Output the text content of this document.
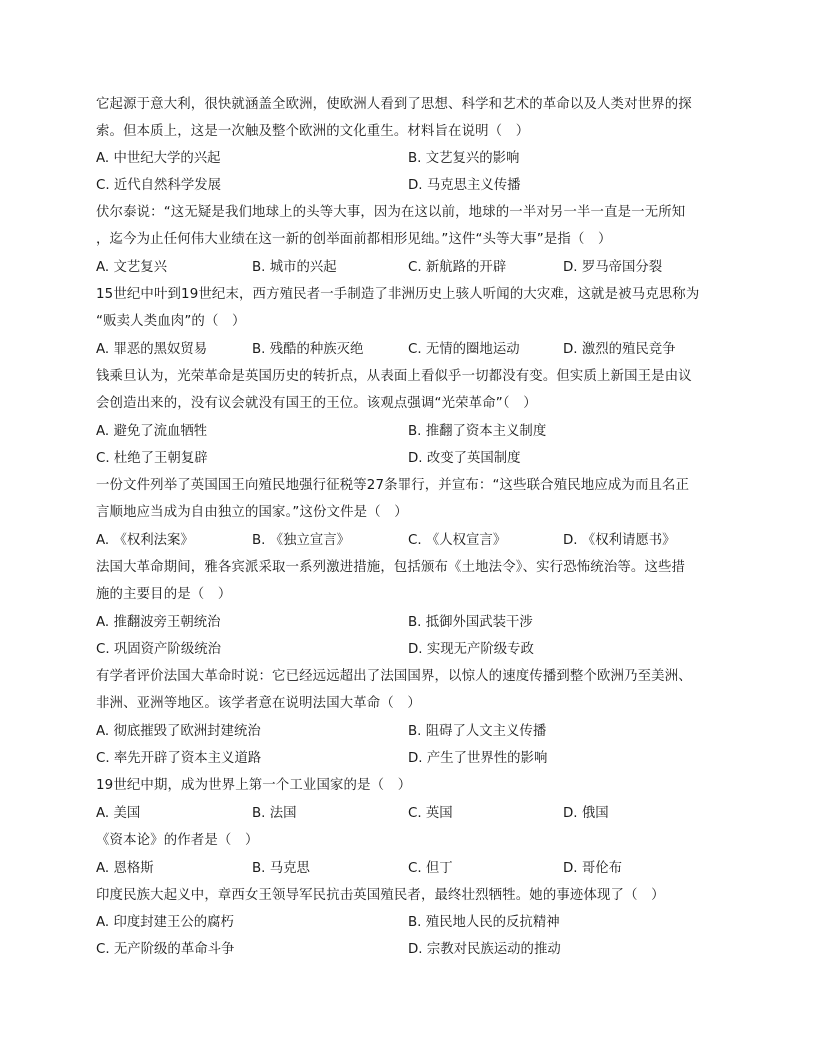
它起源于意大利，很快就涵盖全欧洲，使欧洲人看到了思想、科学和艺术的革命以及人类对世界的探
索。但本质上，这是一次触及整个欧洲的文化重生。材料旨在说明（　）
A. 中世纪大学的兴起	B. 文艺复兴的影响
C. 近代自然科学发展	D. 马克思主义传播
伏尔泰说：“这无疑是我们地球上的头等大事，因为在这以前，地球的一半对另一半一直是一无所知
，迄今为止任何伟大业绩在这一新的创举面前都相形见绌。”这件“头等大事”是指（　）
A. 文艺复兴	B. 城市的兴起	C. 新航路的开辟	D. 罗马帝国分裂
15世纪中叶到19世纪末，西方殖民者一手制造了非洲历史上骇人听闻的大灾难，这就是被马克思称为
“贩卖人类血肉”的（　）
A. 罪恶的黑奴贸易	B. 残酷的种族灭绝	C. 无情的圈地运动	D. 激烈的殖民竞争
钱乘旦认为，光荣革命是英国历史的转折点，从表面上看似乎一切都没有变。但实质上新国王是由议
会创造出来的，没有议会就没有国王的王位。该观点强调“光荣革命”（　）
A. 避免了流血牺牲	B. 推翻了资本主义制度
C. 杜绝了王朝复辟	D. 改变了英国制度
一份文件列举了英国国王向殖民地强行征税等27条罪行，并宣布：“这些联合殖民地应成为而且名正
言顺地应当成为自由独立的国家。”这份文件是（　）
A. 《权利法案》	B. 《独立宣言》	C. 《人权宣言》	D. 《权利请愿书》
法国大革命期间，雅各宾派采取一系列激进措施，包括颁布《土地法令》、实行恐怖统治等。这些措
施的主要目的是（　）
A. 推翻波旁王朝统治	B. 抵御外国武装干涉
C. 巩固资产阶级统治	D. 实现无产阶级专政
有学者评价法国大革命时说：它已经远远超出了法国国界，以惊人的速度传播到整个欧洲乃至美洲、
非洲、亚洲等地区。该学者意在说明法国大革命（　）
A. 彻底摧毁了欧洲封建统治	B. 阻碍了人文主义传播
C. 率先开辟了资本主义道路	D. 产生了世界性的影响
19世纪中期，成为世界上第一个工业国家的是（　）
A. 美国	B. 法国	C. 英国	D. 俄国
《资本论》的作者是（　）
A. 恩格斯	B. 马克思	C. 但丁	D. 哥伦布
印度民族大起义中，章西女王领导军民抗击英国殖民者，最终壮烈牺牲。她的事迹体现了（　）
A. 印度封建王公的腐朽	B. 殖民地人民的反抗精神
C. 无产阶级的革命斗争	D. 宗教对民族运动的推动
